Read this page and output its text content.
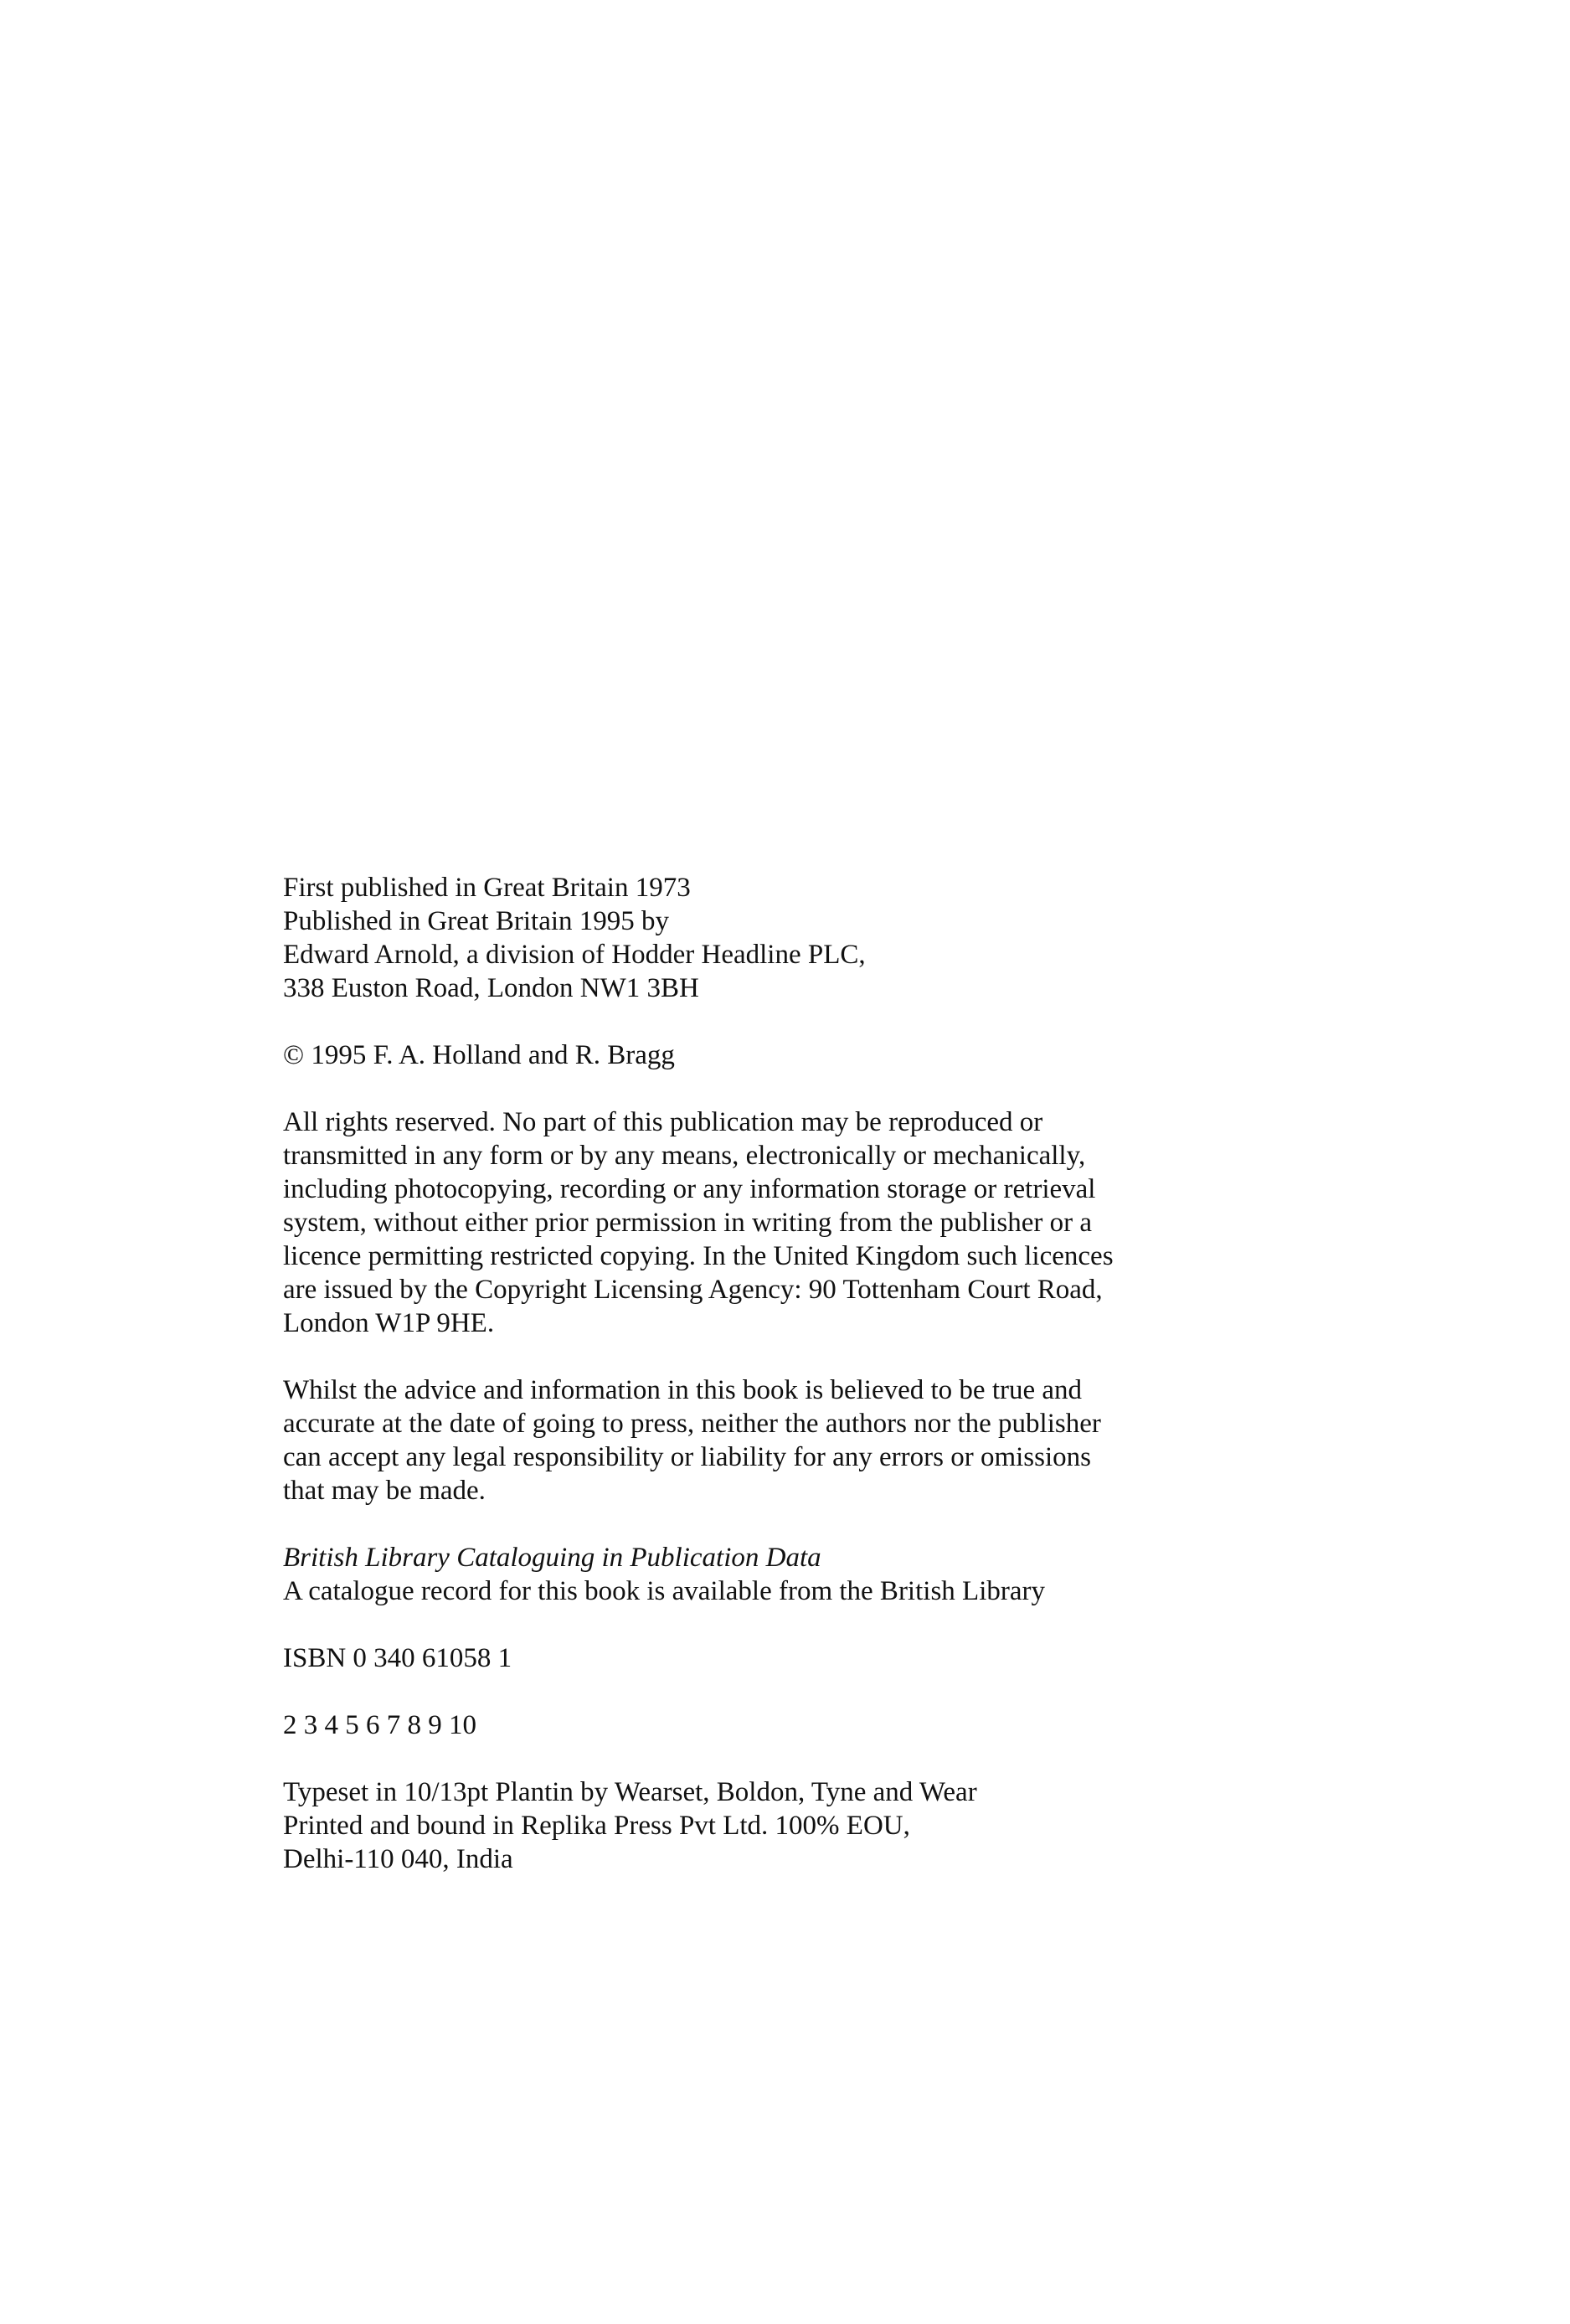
First published in Great Britain 1973
Published in Great Britain 1995 by
Edward Arnold, a division of Hodder Headline PLC,
338 Euston Road, London NW1 3BH
© 1995 F. A. Holland and R. Bragg
All rights reserved. No part of this publication may be reproduced or
transmitted in any form or by any means, electronically or mechanically,
including photocopying, recording or any information storage or retrieval
system, without either prior permission in writing from the publisher or a
licence permitting restricted copying. In the United Kingdom such licences
are issued by the Copyright Licensing Agency: 90 Tottenham Court Road,
London W1P 9HE.
Whilst the advice and information in this book is believed to be true and
accurate at the date of going to press, neither the authors nor the publisher
can accept any legal responsibility or liability for any errors or omissions
that may be made.
British Library Cataloguing in Publication Data
A catalogue record for this book is available from the British Library
ISBN 0 340 61058 1
2 3 4 5 6 7 8 9 10
Typeset in 10/13pt Plantin by Wearset, Boldon, Tyne and Wear
Printed and bound in Replika Press Pvt Ltd. 100% EOU,
Delhi-110 040, India
